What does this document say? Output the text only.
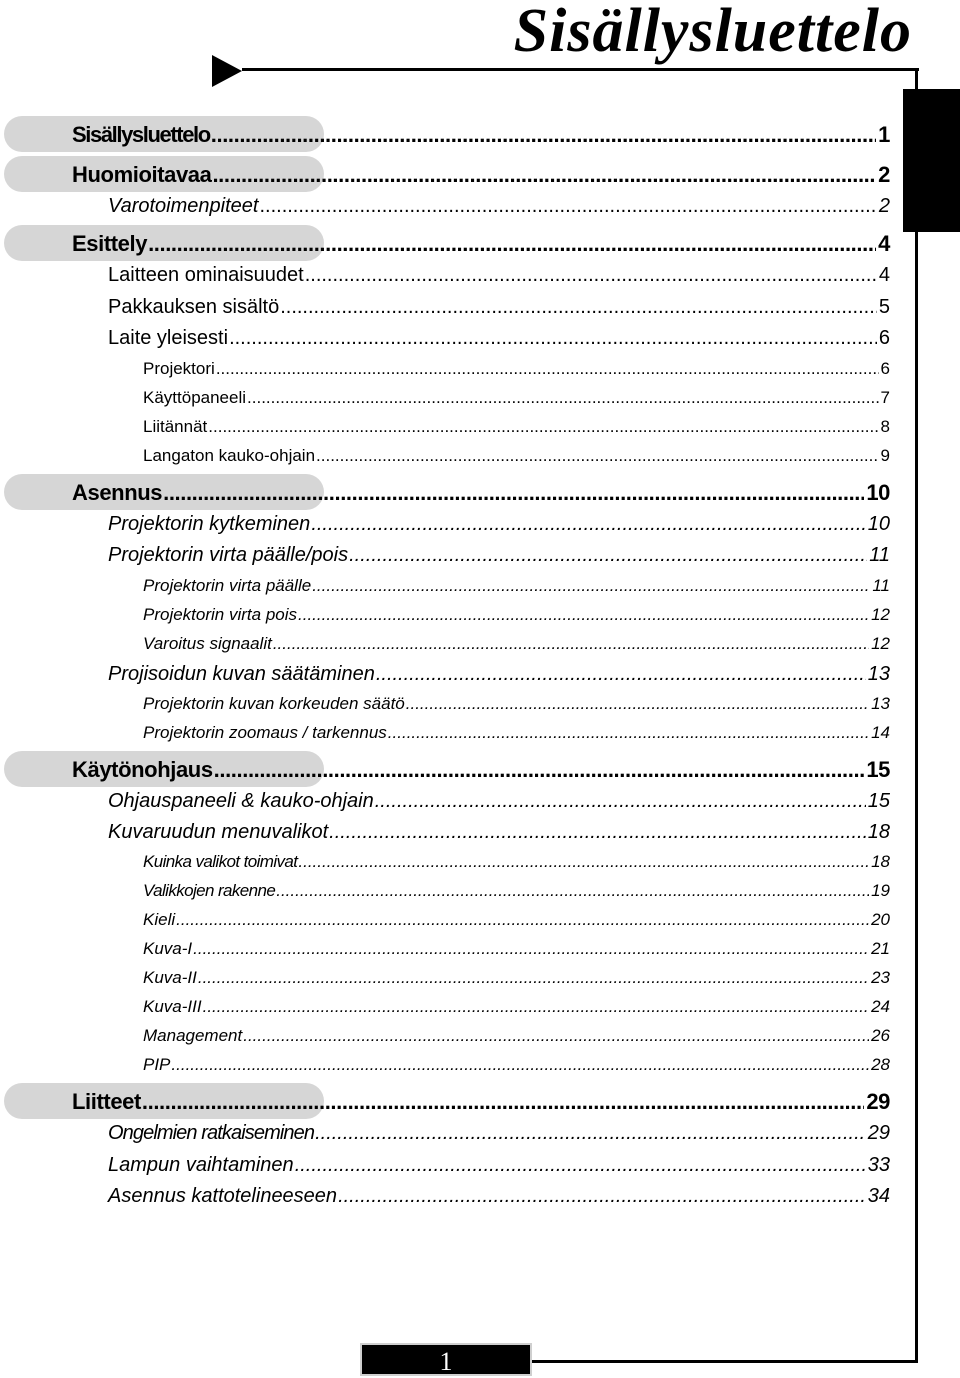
Sisällysluettelo
Sisällysluettelo .....	1
Huomioitavaa .....	2
Varotoimenpiteet .....	2
Esittely .....	4
Laitteen ominaisuudet .....	4
Pakkauksen sisältö .....	5
Laite yleisesti .....	6
Projektori .....	6
Käyttöpaneeli .....	7
Liitännät .....	8
Langaton kauko-ohjain .....	9
Asennus .....	10
Projektorin kytkeminen .....	10
Projektorin virta päälle/pois .....	11
Projektorin virta päälle .....	11
Projektorin virta pois .....	12
Varoitus signaalit .....	12
Projisoidun kuvan säätäminen .....	13
Projektorin kuvan korkeuden säätö .....	13
Projektorin zoomaus / tarkennus .....	14
Käytönohjaus .....	15
Ohjauspaneeli & kauko-ohjain .....	15
Kuvaruudun menuvalikot .....	18
Kuinka valikot toimivat .....	18
Valikkojen rakenne .....	19
Kieli .....	20
Kuva-I .....	21
Kuva-II .....	23
Kuva-III .....	24
Management .....	26
PIP .....	28
Liitteet .....	29
Ongelmien ratkaiseminen .....	29
Lampun vaihtaminen .....	33
Asennus kattotelineeseen .....	34
1
